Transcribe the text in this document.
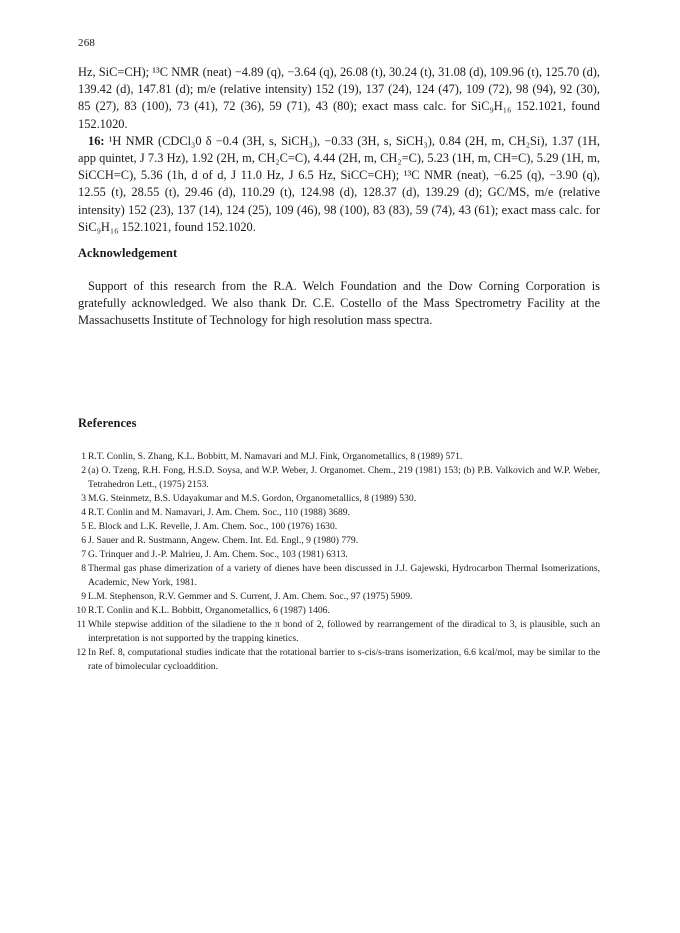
268

Hz, SiC=CH); ¹³C NMR (neat) −4.89 (q), −3.64 (q), 26.08 (t), 30.24 (t), 31.08 (d), 109.96 (t), 125.70 (d), 139.42 (d), 147.81 (d); m/e (relative intensity) 152 (19), 137 (24), 124 (47), 109 (72), 98 (94), 92 (30), 85 (27), 83 (100), 73 (41), 72 (36), 59 (71), 43 (80); exact mass calc. for SiC₉H₁₆ 152.1021, found 152.1020.

16: ¹H NMR (CDCl₃0 δ −0.4 (3H, s, SiCH₃), −0.33 (3H, s, SiCH₃), 0.84 (2H, m, CH₂Si), 1.37 (1H, app quintet, J 7.3 Hz), 1.92 (2H, m, CH₂C=C), 4.44 (2H, m, CH₂=C), 5.23 (1H, m, CH=C), 5.29 (1H, m, SiCCH=C), 5.36 (1h, d of d, J 11.0 Hz, J 6.5 Hz, SiCC=CH); ¹³C NMR (neat), −6.25 (q), −3.90 (q), 12.55 (t), 28.55 (t), 29.46 (d), 110.29 (t), 124.98 (d), 128.37 (d), 139.29 (d); GC/MS, m/e (relative intensity) 152 (23), 137 (14), 124 (25), 109 (46), 98 (100), 83 (83), 59 (74), 43 (61); exact mass calc. for SiC₉H₁₆ 152.1021, found 152.1020.

Acknowledgement
Support of this research from the R.A. Welch Foundation and the Dow Corning Corporation is gratefully acknowledged. We also thank Dr. C.E. Costello of the Mass Spectrometry Facility at the Massachusetts Institute of Technology for high resolution mass spectra.
References
1 R.T. Conlin, S. Zhang, K.L. Bobbitt, M. Namavari and M.J. Fink, Organometallics, 8 (1989) 571.
2 (a) O. Tzeng, R.H. Fong, H.S.D. Soysa, and W.P. Weber, J. Organomet. Chem., 219 (1981) 153; (b) P.B. Valkovich and W.P. Weber, Tetrahedron Lett., (1975) 2153.
3 M.G. Steinmetz, B.S. Udayakumar and M.S. Gordon, Organometallics, 8 (1989) 530.
4 R.T. Conlin and M. Namavari, J. Am. Chem. Soc., 110 (1988) 3689.
5 E. Block and L.K. Revelle, J. Am. Chem. Soc., 100 (1976) 1630.
6 J. Sauer and R. Sustmann, Angew. Chem. Int. Ed. Engl., 9 (1980) 779.
7 G. Trinquer and J.-P. Malrieu, J. Am. Chem. Soc., 103 (1981) 6313.
8 Thermal gas phase dimerization of a variety of dienes have been discussed in J.J. Gajewski, Hydrocarbon Thermal Isomerizations, Academic, New York, 1981.
9 L.M. Stephenson, R.V. Gemmer and S. Current, J. Am. Chem. Soc., 97 (1975) 5909.
10 R.T. Conlin and K.L. Bobbitt, Organometallics, 6 (1987) 1406.
11 While stepwise addition of the siladiene to the π bond of 2, followed by rearrangement of the diradical to 3, is plausible, such an interpretation is not supported by the trapping kinetics.
12 In Ref. 8, computational studies indicate that the rotational barrier to s-cis/s-trans isomerization, 6.6 kcal/mol, may be similar to the rate of bimolecular cycloaddition.
